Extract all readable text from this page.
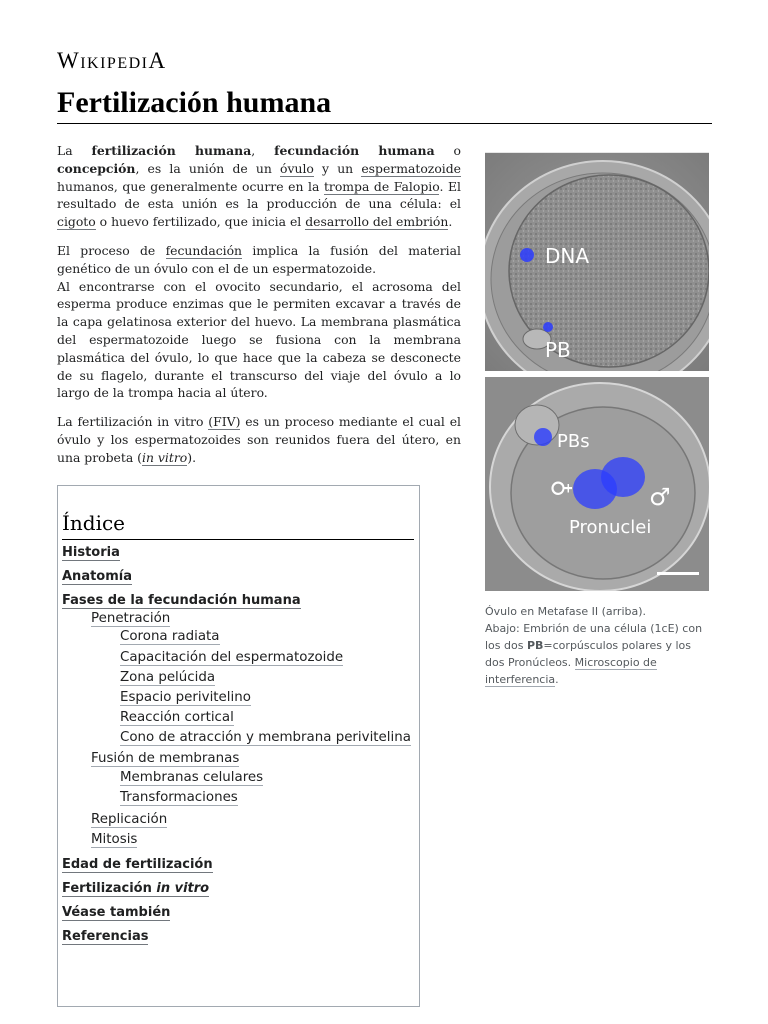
WIKIPEDIA
Fertilización humana

La fertilización humana, fecundación humana o concepción, es la unión de un óvulo y un espermatozoide humanos, que generalmente ocurre en la trompa de Falopio. El resultado de esta unión es la producción de una célula: el cigoto o huevo fertilizado, que inicia el desarrollo del embrión.

El proceso de fecundación implica la fusión del material genético de un óvulo con el de un espermatozoide.

Al encontrarse con el ovocito secundario, el acrosoma del esperma produce enzimas que le permiten excavar a través de la capa gelatinosa exterior del huevo. La membrana plasmática del espermatozoide luego se fusiona con la membrana plasmática del óvulo, lo que hace que la cabeza se desconecte de su flagelo, durante el transcurso del viaje del óvulo a lo largo de la trompa hacia al útero.

La fertilización in vitro (FIV) es un proceso mediante el cual el óvulo y los espermatozoides son reunidos fuera del útero, en una probeta (in vitro).

DNA
PB
PBs
Pronuclei
♀	♂
Óvulo en Metafase II (arriba).
Abajo: Embrión de una célula (1cE) con los dos PB=corpúsculos polares y los dos Pronúcleos. Microscopio de interferencia.
Índice
Historia
Anatomía
Fases de la fecundación humana
Penetración
Corona radiata
Capacitación del espermatozoide
Zona pelúcida
Espacio perivitelino
Reacción cortical
Cono de atracción y membrana perivitelina
Fusión de membranas
Membranas celulares
Transformaciones
Replicación
Mitosis
Edad de fertilización
Fertilización in vitro
Véase también
Referencias
